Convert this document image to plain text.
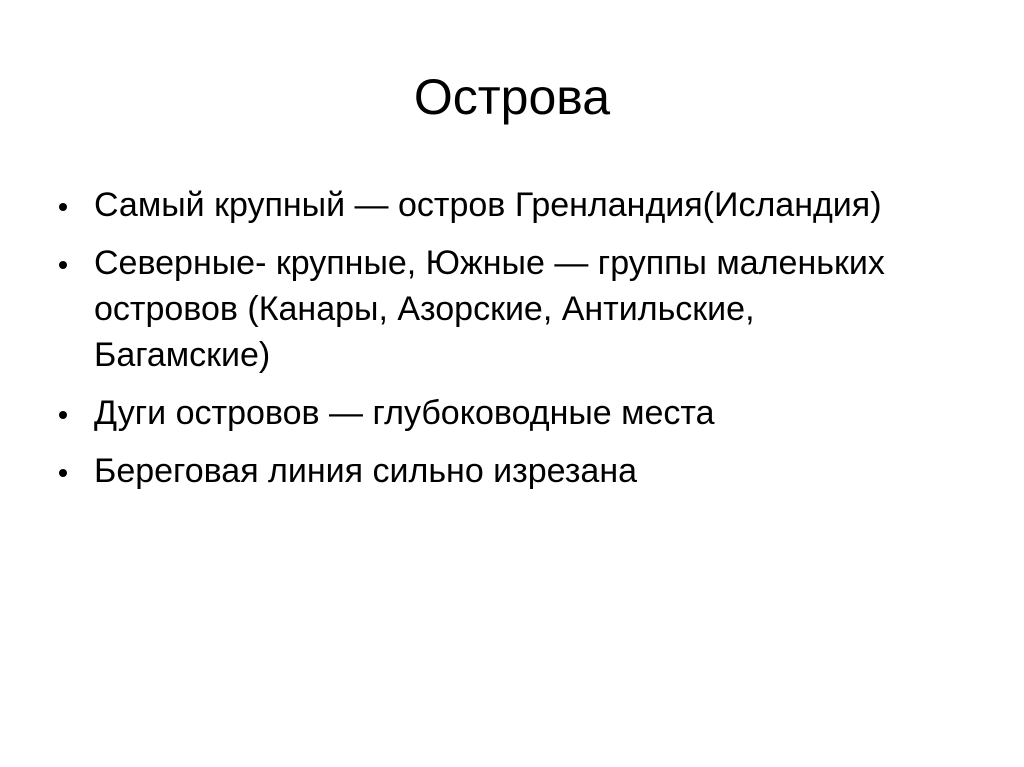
Острова
Самый крупный — остров Гренландия(Исландия)
Северные- крупные, Южные — группы маленьких островов (Канары, Азорские, Антильские, Багамские)
Дуги островов — глубоководные места
Береговая линия сильно изрезана
